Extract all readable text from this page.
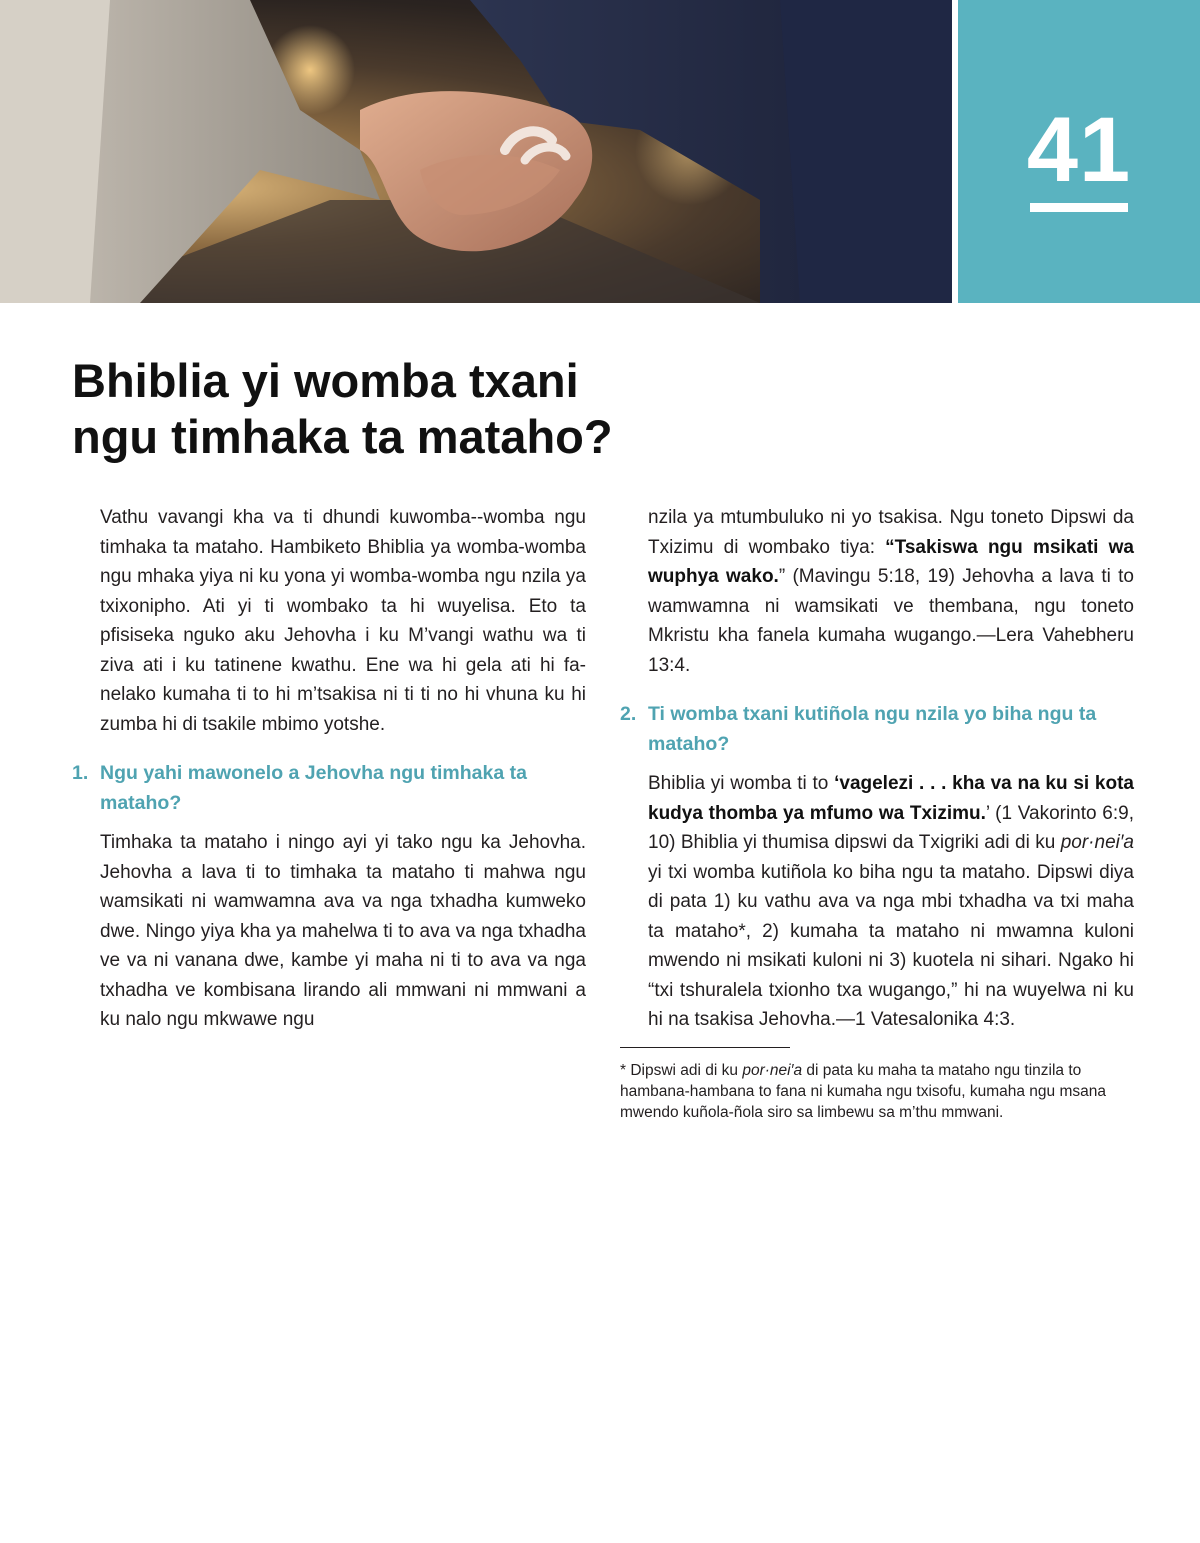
41
Bhiblia yi womba txani
ngu timhaka ta mataho?

Vathu vavangi kha va ti dhundi kuwomba--womba ngu timhaka ta mataho. Hambiketo Bhiblia ya womba-womba ngu mhaka yiya ni ku yona yi womba-womba ngu nzila ya txixonipho. Ati yi ti wombako ta hi wuyelisa. Eto ta pfisiseka nguko aku Jehovha i ku M’vangi wathu wa ti ziva ati i ku tatinene kwathu. Ene wa hi gela ati hi fanelako kumaha ti to hi m’tsakisa ni ti ti no hi vhuna ku hi zumba hi di tsakile mbimo yotshe.

1. Ngu yahi mawonelo a Jehovha ngu timhaka ta mataho?

Timhaka ta mataho i ningo ayi yi tako ngu ka Jehovha. Jehovha a lava ti to timhaka ta mataho ti mahwa ngu wamsikati ni wamwamna ava va nga txhadha kumweko dwe. Ningo yiya kha ya mahelwa ti to ava va nga txhadha ve va ni vanana dwe, kambe yi maha ni ti to ava va nga txhadha ve kombisana lirando ali mmwani ni mmwani a ku nalo ngu mkwawe ngu

nzila ya mtumbuluko ni yo tsakisa. Ngu toneto Dipswi da Txizimu di wombako tiya: “Tsakiswa ngu msikati wa wuphya wako.” (Mavingu 5:18, 19) Jehovha a lava ti to wamwamna ni wamsikati ve thembana, ngu toneto Mkristu kha fanela kumaha wugango.—Lera Vahebheru 13:4.

2. Ti womba txani kutiñola ngu nzila yo biha ngu ta mataho?

Bhiblia yi womba ti to ‘vagelezi . . . kha va na ku si kota kudya thomba ya mfumo wa Txizimu.’ (1 Vakorinto 6:9, 10) Bhiblia yi thumisa dipswi da Txigriki adi di ku por·nei′a yi txi womba kutiñola ko biha ngu ta mataho. Dipswi diya di pata 1) ku vathu ava va nga mbi txhadha va txi maha ta mataho*, 2) kumaha ta mataho ni mwamna kuloni mwendo ni msikati kuloni ni 3) kuotela ni sihari. Ngako hi “txi tshuralela txionho txa wugango,” hi na wuyelwa ni ku hi na tsakisa Jehovha.—1 Vatesalonika 4:3.

* Dipswi adi di ku por·nei′a di pata ku maha ta mataho ngu tinzila to hambana-hambana to fana ni kumaha ngu txisofu, kumaha ngu msana mwendo kuñola-ñola siro sa limbewu sa m’thu mmwani.
